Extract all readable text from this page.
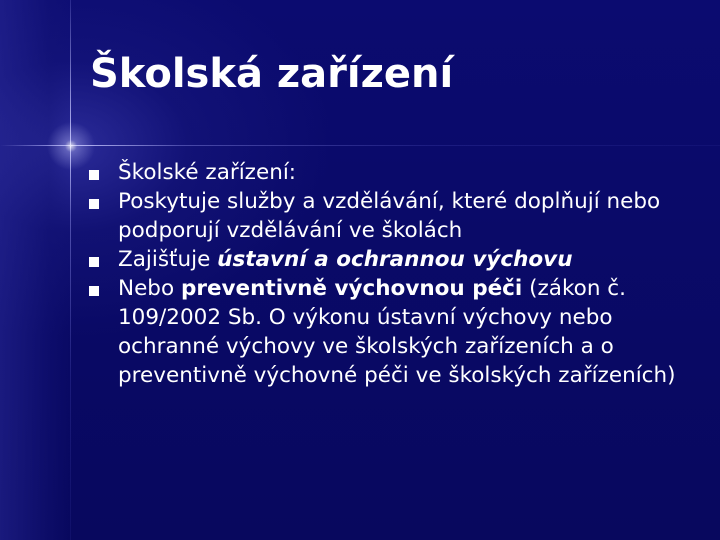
Školská zařízení
Školské zařízení:
Poskytuje služby a vzdělávání, které doplňují nebo podporují vzdělávání ve školách
Zajišťuje ústavní a ochrannou výchovu
Nebo preventivně výchovnou péči (zákon č. 109/2002 Sb. O výkonu ústavní výchovy nebo ochranné výchovy ve školských zařízeních a o preventivně výchovné péči ve školských zařízeních)
